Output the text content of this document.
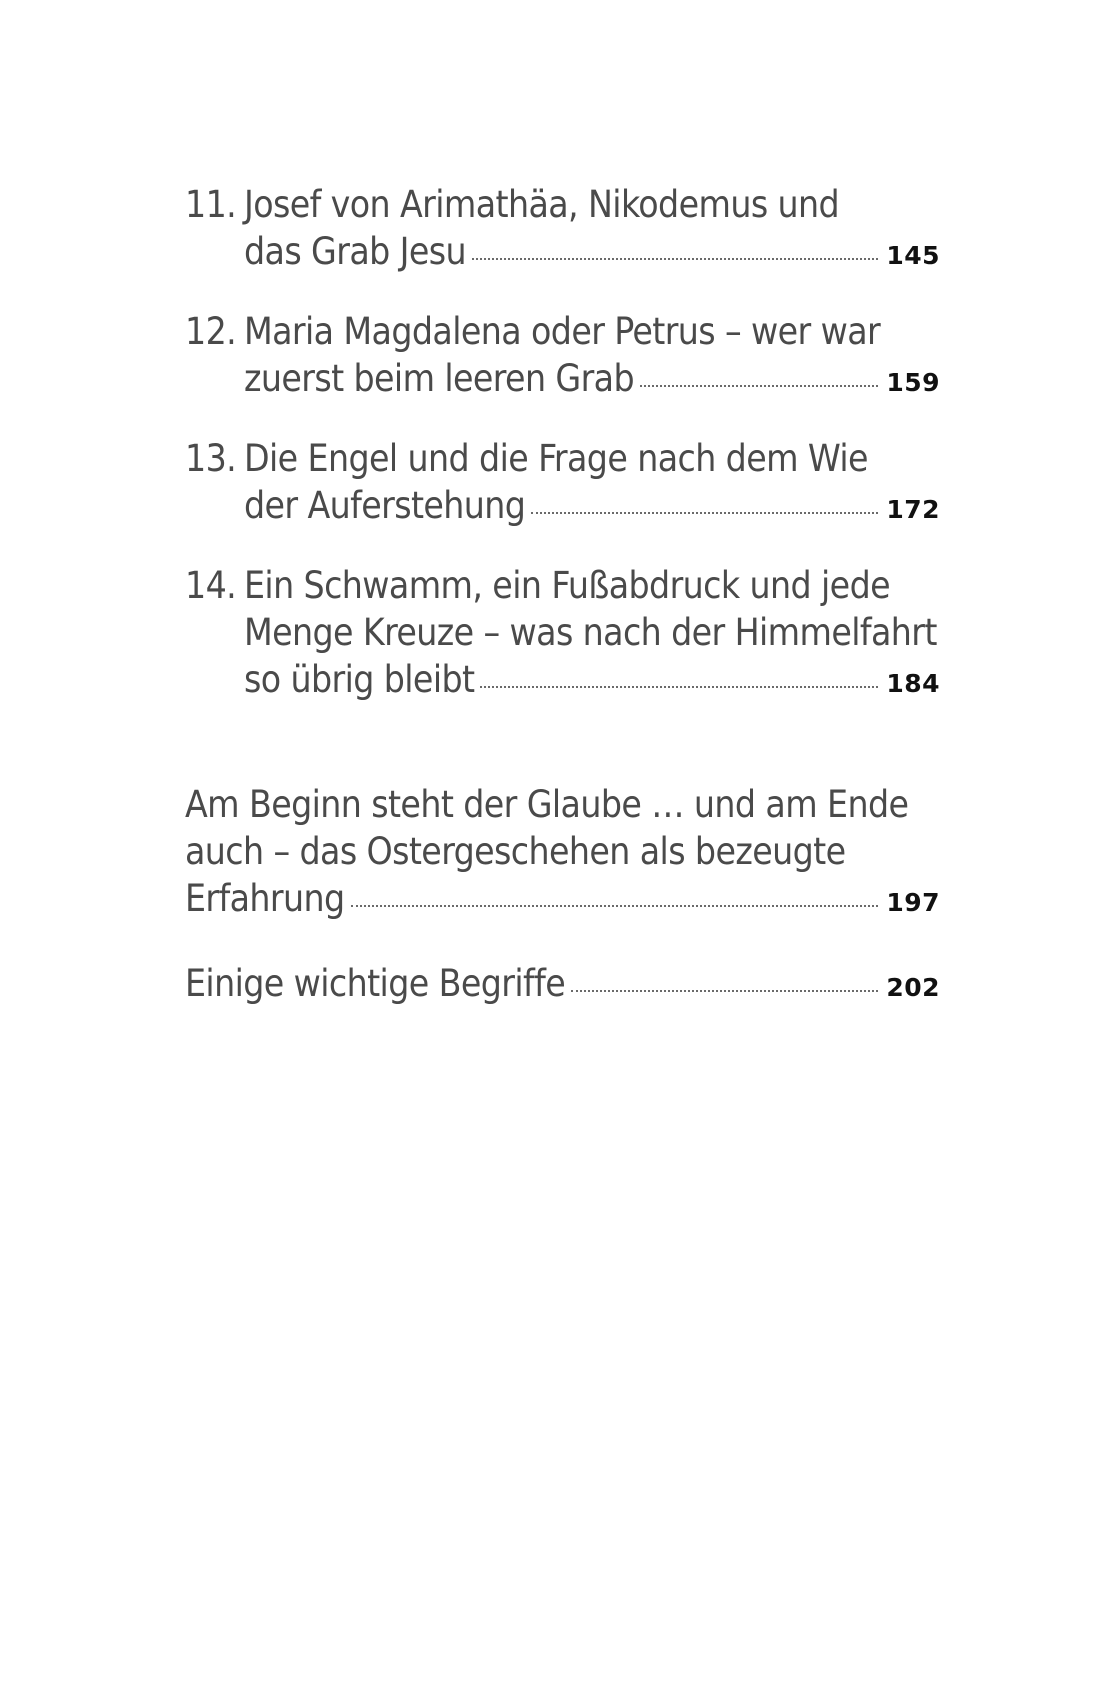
11. Josef von Arimathäa, Nikodemus und
das Grab Jesu	145
12. Maria Magdalena oder Petrus – wer war
zuerst beim leeren Grab	159
13. Die Engel und die Frage nach dem Wie
der Auferstehung	172
14. Ein Schwamm, ein Fußabdruck und jede
Menge Kreuze – was nach der Himmelfahrt
so übrig bleibt	184
Am Beginn steht der Glaube … und am Ende
auch – das Ostergeschehen als bezeugte
Erfahrung	197
Einige wichtige Begriffe	202
